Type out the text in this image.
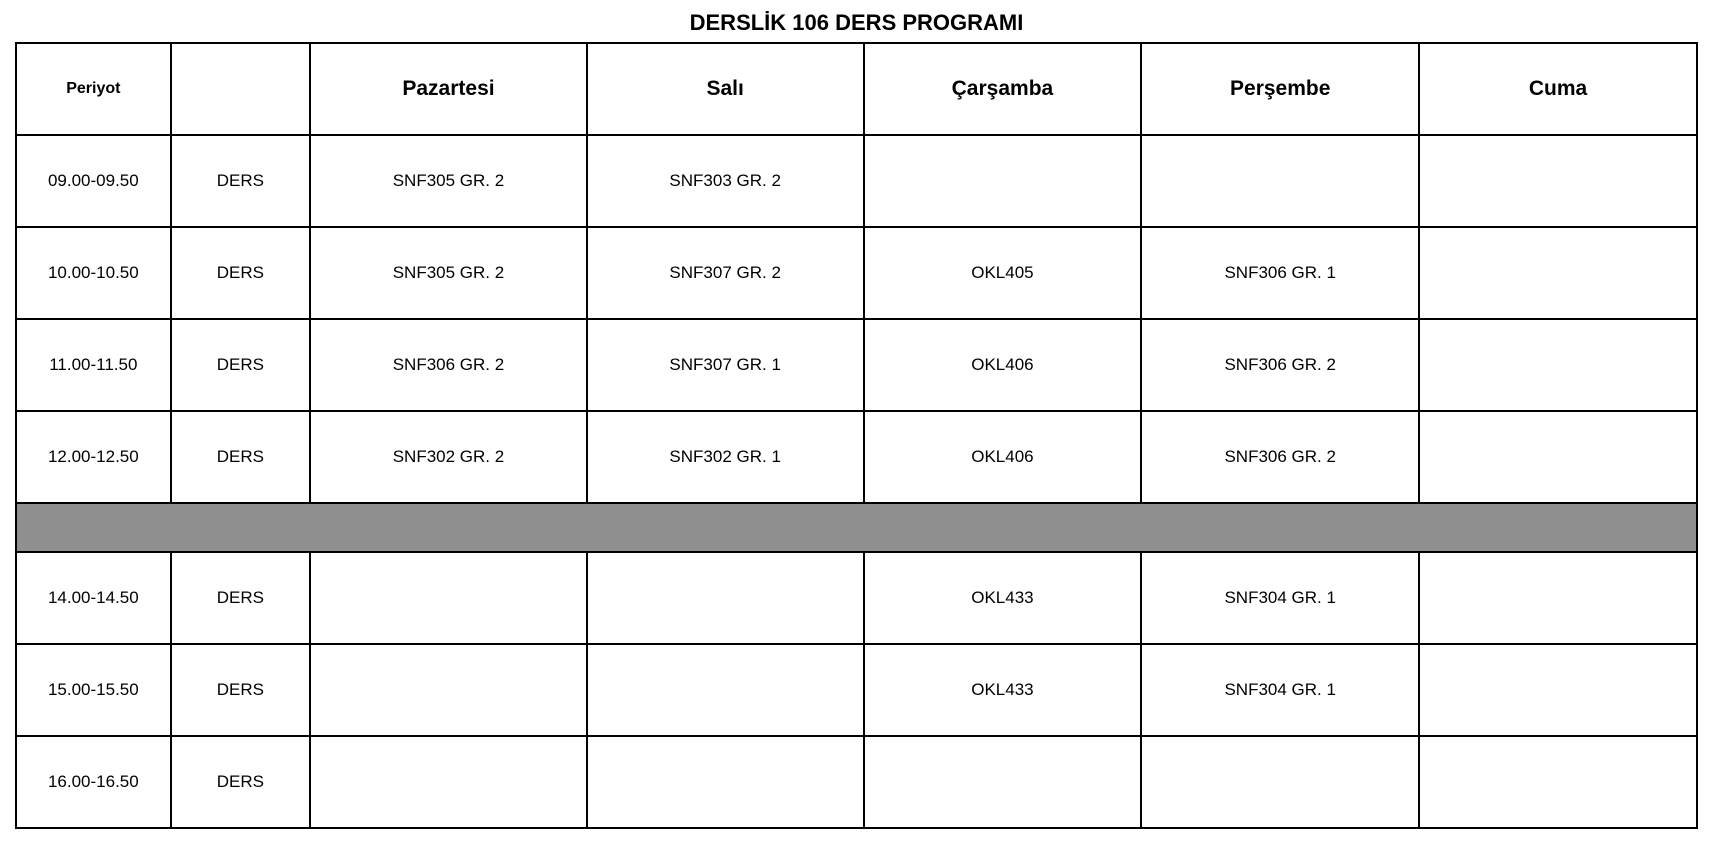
DERSLİK 106 DERS PROGRAMI
Periyot		Pazartesi	Salı	Çarşamba	Perşembe	Cuma
09.00-09.50	DERS	SNF305 GR. 2	SNF303 GR. 2			
10.00-10.50	DERS	SNF305 GR. 2	SNF307 GR. 2	OKL405	SNF306 GR. 1	
11.00-11.50	DERS	SNF306 GR. 2	SNF307 GR. 1	OKL406	SNF306 GR. 2	
12.00-12.50	DERS	SNF302 GR. 2	SNF302 GR. 1	OKL406	SNF306 GR. 2	

14.00-14.50	DERS			OKL433	SNF304 GR. 1	
15.00-15.50	DERS			OKL433	SNF304 GR. 1	
16.00-16.50	DERS					
